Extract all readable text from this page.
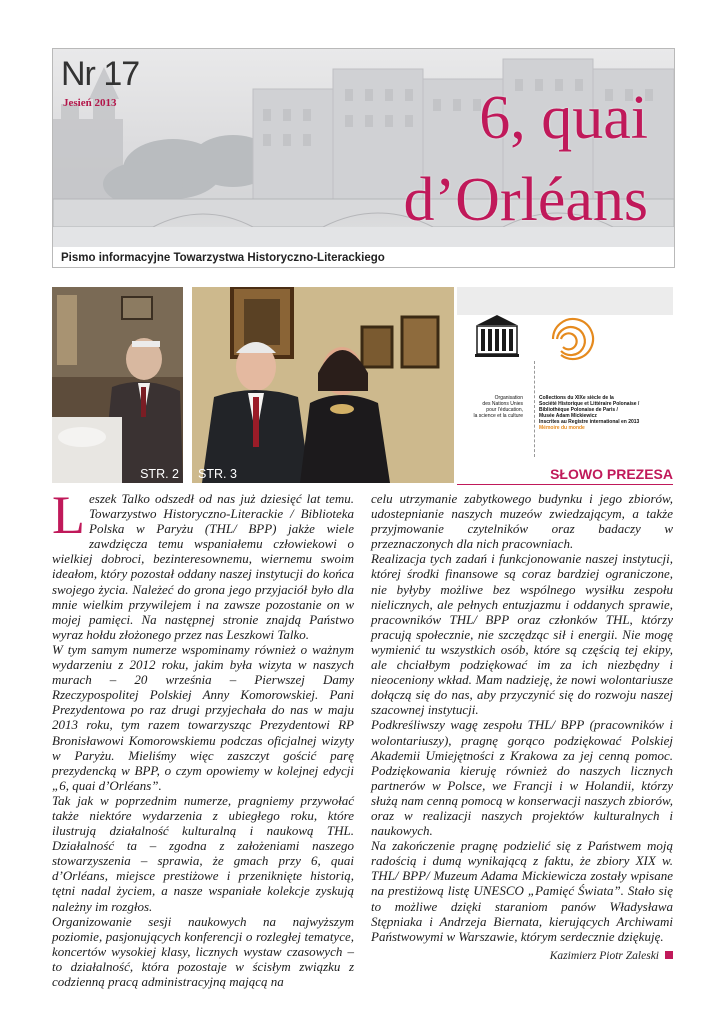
Nr 17
Jesień 2013	6, quai
d’Orléans
Pismo informacyjne Towarzystwa Historyczno-Literackiego
STR. 2 STR. 3
Organisation
des Nations Unies
pour l’éducation,
la science et la culture
Collections du XIXe siècle de la
Société Historique et Littéraire Polonaise /
Bibliothèque Polonaise de Paris /
Musée Adam Mickiewicz
Inscrites au Registre international en 2013
Mémoire du monde
SŁOWO PREZESA

Leszek Talko odszedł od nas już dziesięć lat temu. Towarzystwo Historyczno-Literackie / Biblioteka Polska w Paryżu (THL/ BPP) jakże wiele zawdzięcza temu wspaniałemu człowiekowi o wielkiej dobroci, bezinteresownemu, wiernemu swoim ideałom, który pozostał oddany naszej instytucji do końca swojego życia. Należeć do grona jego przyjaciół było dla mnie wielkim przywilejem i na zawsze pozostanie on w mojej pamięci. Na następnej stronie znajdą Państwo wyraz hołdu złożonego przez nas Leszkowi Talko.

W tym samym numerze wspominamy również o ważnym wydarzeniu z 2012 roku, jakim była wizyta w naszych murach – 20 września – Pierwszej Damy Rzeczypospolitej Polskiej Anny Komorowskiej. Pani Prezydentowa po raz drugi przyjechała do nas w maju 2013 roku, tym razem towarzysząc Prezydentowi RP Bronisławowi Komorowskiemu podczas oficjalnej wizyty w Paryżu. Mieliśmy więc zaszczyt gościć parę prezydencką w BPP, o czym opowiemy w kolejnej edycji „6, quai d’Orléans”.

Tak jak w poprzednim numerze, pragniemy przywołać także niektóre wydarzenia z ubiegłego roku, które ilustrują działalność kulturalną i naukową THL. Działalność ta – zgodna z założeniami naszego stowarzyszenia – sprawia, że gmach przy 6, quai d’Orléans, miejsce prestiżowe i przeniknięte historią, tętni nadal życiem, a nasze wspaniałe kolekcje zyskują należny im rozgłos.

Organizowanie sesji naukowych na najwyższym poziomie, pasjonujących konferencji o rozległej tematyce, koncertów wysokiej klasy, licznych wystaw czasowych – to działalność, która pozostaje w ścisłym związku z codzienną pracą administracyjną mającą na

celu utrzymanie zabytkowego budynku i jego zbiorów, udostepnianie naszych muzeów zwiedzającym, a także przyjmowanie czytelników oraz badaczy w przeznaczonych dla nich pracowniach.

Realizacja tych zadań i funkcjonowanie naszej instytucji, której środki finansowe są coraz bardziej ograniczone, nie byłyby możliwe bez wspólnego wysiłku zespołu nielicznych, ale pełnych entuzjazmu i oddanych sprawie, pracowników THL/ BPP oraz członków THL, którzy pracują społecznie, nie szczędząc sił i energii. Nie mogę wymienić tu wszystkich osób, które są częścią tej ekipy, ale chciałbym podziękować im za ich niezbędny i nieoceniony wkład. Mam nadzieję, że nowi wolontariusze dołączą się do nas, aby przyczynić się do rozwoju naszej szacownej instytucji.

Podkreśliwszy wagę zespołu THL/ BPP (pracowników i wolontariuszy), pragnę gorąco podziękować Polskiej Akademii Umiejętności z Krakowa za jej cenną pomoc. Podziękowania kieruję również do naszych licznych partnerów w Polsce, we Francji i w Holandii, którzy służą nam cenną pomocą w konserwacji naszych zbiorów, oraz w realizacji naszych projektów kulturalnych i naukowych.

Na zakończenie pragnę podzielić się z Państwem moją radością i dumą wynikającą z faktu, że zbiory XIX w. THL/ BPP/ Muzeum Adama Mickiewicza zostały wpisane na prestiżową listę UNESCO „Pamięć Świata”. Stało się to możliwe dzięki staraniom panów Władysława Stępniaka i Andrzeja Biernata, kierujących Archiwami Państwowymi w Warszawie, którym serdecznie dziękuję.

Kazimierz Piotr Zaleski
